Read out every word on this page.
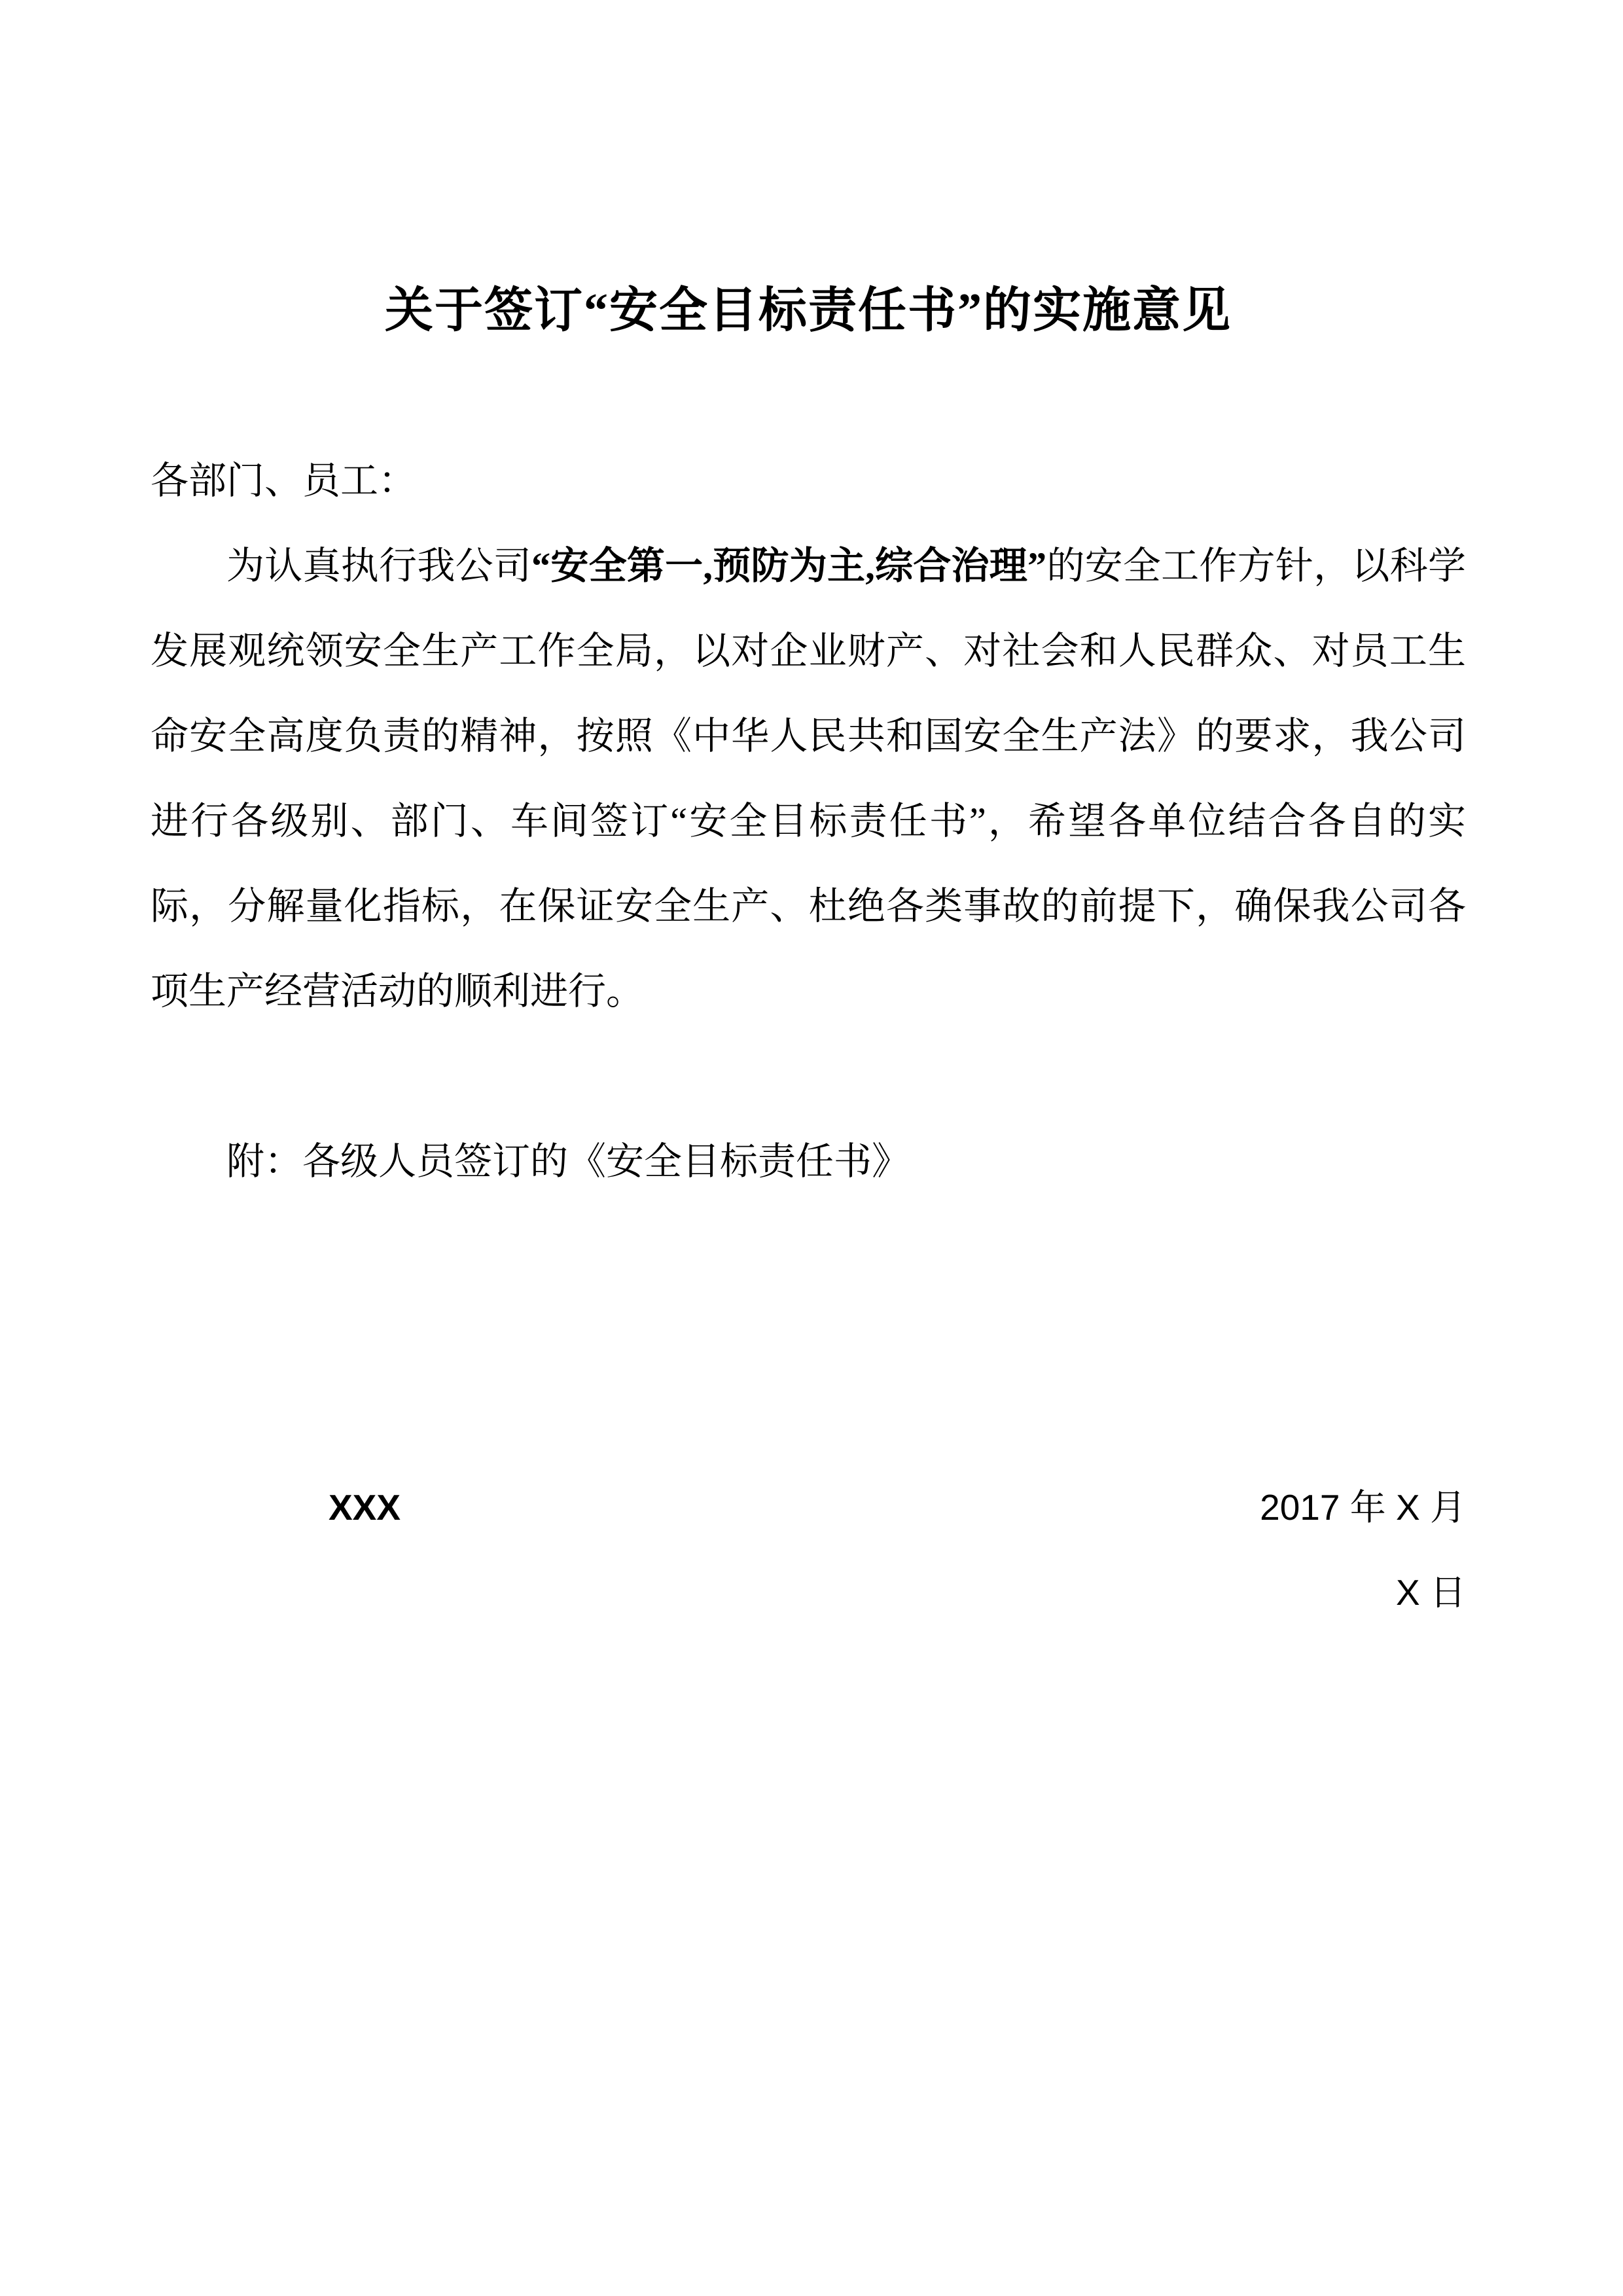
关于签订“安全目标责任书”的实施意见

各部门、员工：

为认真执行我公司“安全第一,预防为主,综合治理”的安全工作方针，以科学发展观统领安全生产工作全局，以对企业财产、对社会和人民群众、对员工生命安全高度负责的精神，按照《中华人民共和国安全生产法》的要求，我公司进行各级别、部门、车间签订“安全目标责任书”，希望各单位结合各自的实际，分解量化指标，在保证安全生产、杜绝各类事故的前提下，确保我公司各项生产经营活动的顺利进行。

附：各级人员签订的《安全目标责任书》

XXX	2017 年 X 月
X 日
